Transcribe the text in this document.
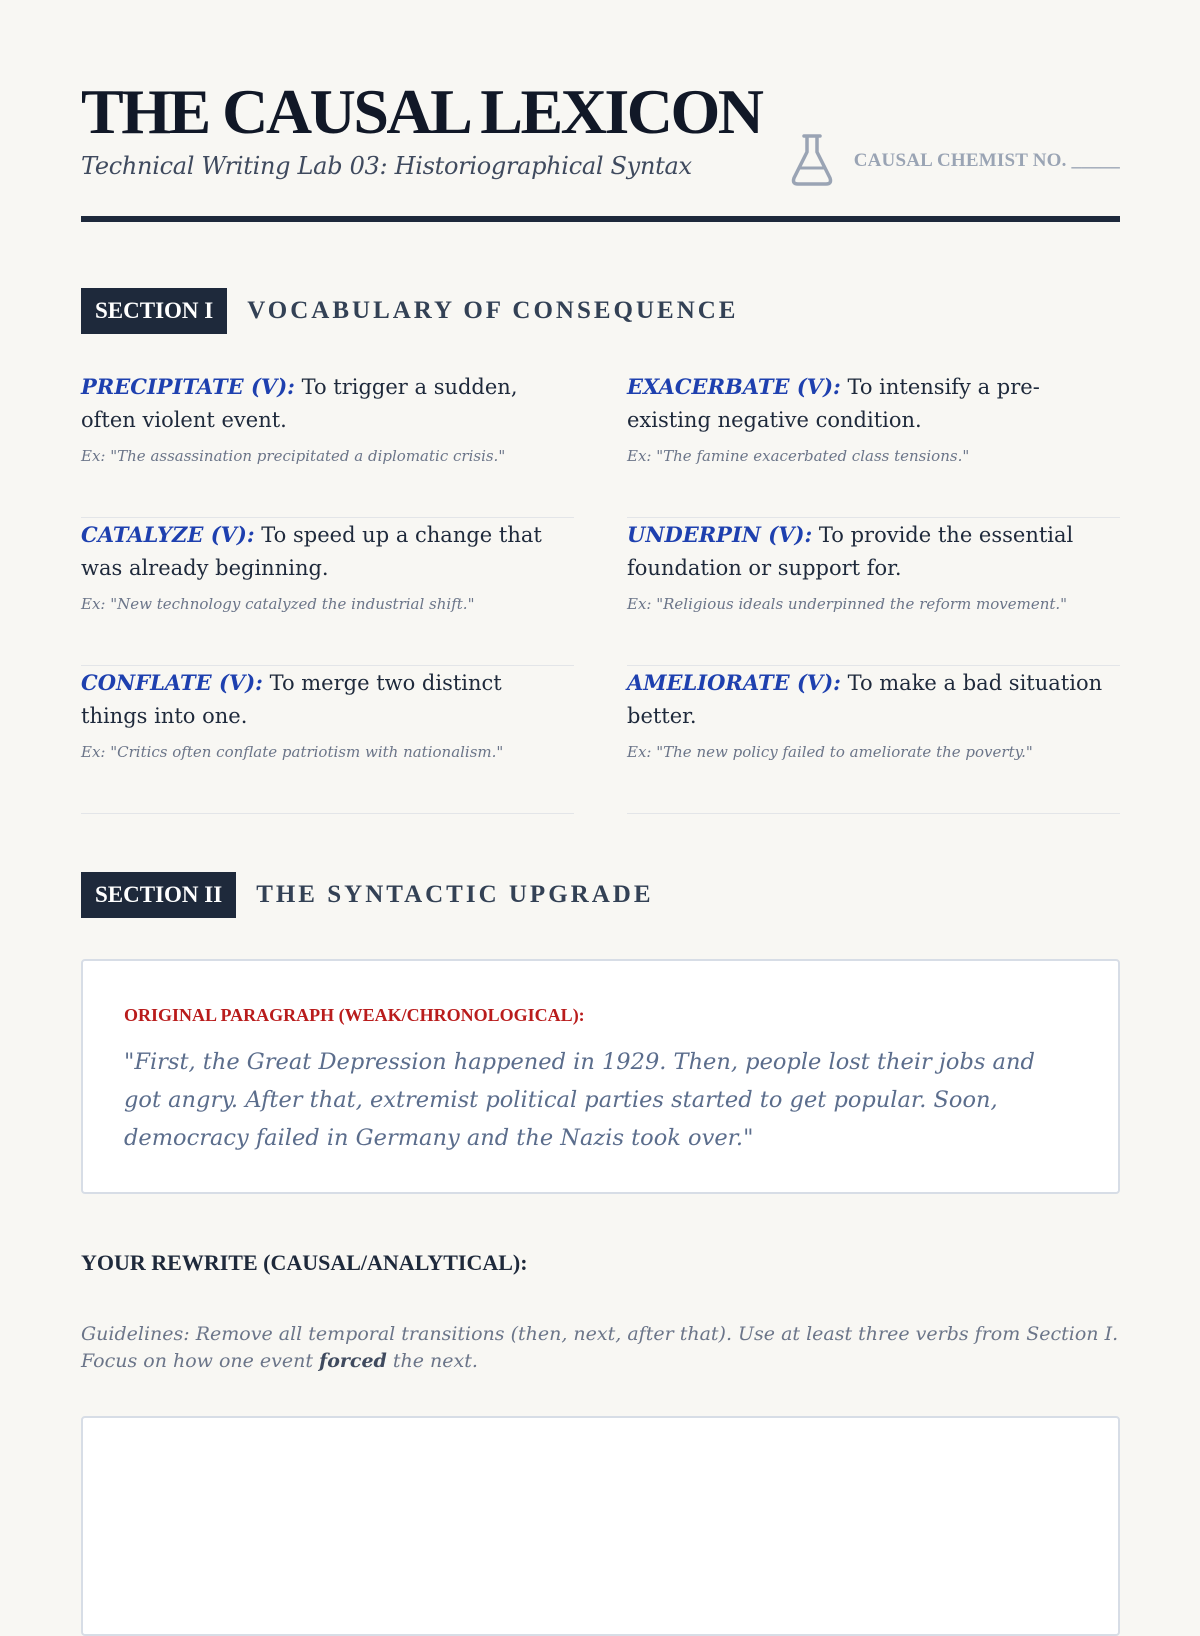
THE CAUSAL LEXICON
Technical Writing Lab 03: Historiographical Syntax	CAUSAL CHEMIST NO. _____
SECTION I	VOCABULARY OF CONSEQUENCE
PRECIPITATE (V): To trigger a sudden, often violent event.
Ex: "The assassination precipitated a diplomatic crisis."
EXACERBATE (V): To intensify a pre-existing negative condition.
Ex: "The famine exacerbated class tensions."
CATALYZE (V): To speed up a change that was already beginning.
Ex: "New technology catalyzed the industrial shift."
UNDERPIN (V): To provide the essential foundation or support for.
Ex: "Religious ideals underpinned the reform movement."
CONFLATE (V): To merge two distinct things into one.
Ex: "Critics often conflate patriotism with nationalism."
AMELIORATE (V): To make a bad situation better.
Ex: "The new policy failed to ameliorate the poverty."
SECTION II	THE SYNTACTIC UPGRADE
ORIGINAL PARAGRAPH (WEAK/CHRONOLOGICAL):
"First, the Great Depression happened in 1929. Then, people lost their jobs and got angry. After that, extremist political parties started to get popular. Soon, democracy failed in Germany and the Nazis took over."
YOUR REWRITE (CAUSAL/ANALYTICAL):
Guidelines: Remove all temporal transitions (then, next, after that). Use at least three verbs from Section I. Focus on how one event forced the next.
